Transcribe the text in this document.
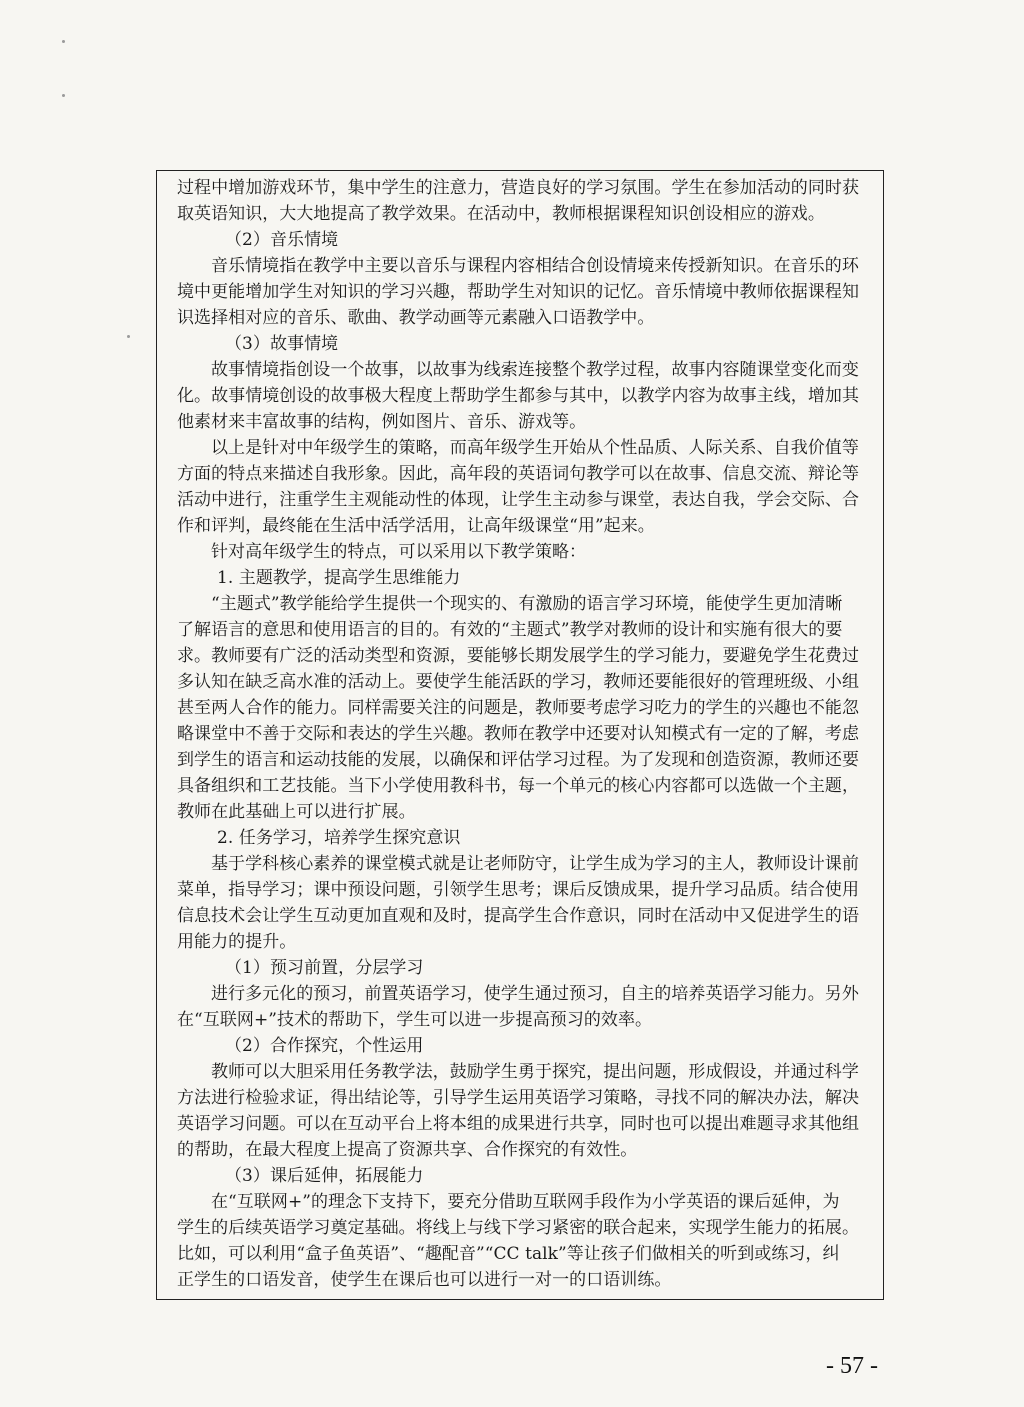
过程中增加游戏环节，集中学生的注意力，营造良好的学习氛围。学生在参加活动的同时获
取英语知识，大大地提高了教学效果。在活动中，教师根据课程知识创设相应的游戏。
（2）音乐情境
音乐情境指在教学中主要以音乐与课程内容相结合创设情境来传授新知识。在音乐的环
境中更能增加学生对知识的学习兴趣，帮助学生对知识的记忆。音乐情境中教师依据课程知
识选择相对应的音乐、歌曲、教学动画等元素融入口语教学中。
（3）故事情境
故事情境指创设一个故事，以故事为线索连接整个教学过程，故事内容随课堂变化而变
化。故事情境创设的故事极大程度上帮助学生都参与其中，以教学内容为故事主线，增加其
他素材来丰富故事的结构，例如图片、音乐、游戏等。
以上是针对中年级学生的策略，而高年级学生开始从个性品质、人际关系、自我价值等
方面的特点来描述自我形象。因此，高年段的英语词句教学可以在故事、信息交流、辩论等
活动中进行，注重学生主观能动性的体现，让学生主动参与课堂，表达自我，学会交际、合
作和评判，最终能在生活中活学活用，让高年级课堂“用”起来。
针对高年级学生的特点，可以采用以下教学策略：
1. 主题教学，提高学生思维能力
“主题式”教学能给学生提供一个现实的、有激励的语言学习环境，能使学生更加清晰
了解语言的意思和使用语言的目的。有效的“主题式”教学对教师的设计和实施有很大的要
求。教师要有广泛的活动类型和资源，要能够长期发展学生的学习能力，要避免学生花费过
多认知在缺乏高水准的活动上。要使学生能活跃的学习，教师还要能很好的管理班级、小组
甚至两人合作的能力。同样需要关注的问题是，教师要考虑学习吃力的学生的兴趣也不能忽
略课堂中不善于交际和表达的学生兴趣。教师在教学中还要对认知模式有一定的了解，考虑
到学生的语言和运动技能的发展，以确保和评估学习过程。为了发现和创造资源，教师还要
具备组织和工艺技能。当下小学使用教科书，每一个单元的核心内容都可以选做一个主题，
教师在此基础上可以进行扩展。
2. 任务学习，培养学生探究意识
基于学科核心素养的课堂模式就是让老师防守，让学生成为学习的主人，教师设计课前
菜单，指导学习；课中预设问题，引领学生思考；课后反馈成果，提升学习品质。结合使用
信息技术会让学生互动更加直观和及时，提高学生合作意识，同时在活动中又促进学生的语
用能力的提升。
（1）预习前置，分层学习
进行多元化的预习，前置英语学习，使学生通过预习，自主的培养英语学习能力。另外
在“互联网+”技术的帮助下，学生可以进一步提高预习的效率。
（2）合作探究，个性运用
教师可以大胆采用任务教学法，鼓励学生勇于探究，提出问题，形成假设，并通过科学
方法进行检验求证，得出结论等，引导学生运用英语学习策略，寻找不同的解决办法，解决
英语学习问题。可以在互动平台上将本组的成果进行共享，同时也可以提出难题寻求其他组
的帮助，在最大程度上提高了资源共享、合作探究的有效性。
（3）课后延伸，拓展能力
在“互联网+”的理念下支持下，要充分借助互联网手段作为小学英语的课后延伸，为
学生的后续英语学习奠定基础。将线上与线下学习紧密的联合起来，实现学生能力的拓展。
比如，可以利用“盒子鱼英语”、“趣配音”“CC talk”等让孩子们做相关的听到或练习，纠
正学生的口语发音，使学生在课后也可以进行一对一的口语训练。
- 57 -
